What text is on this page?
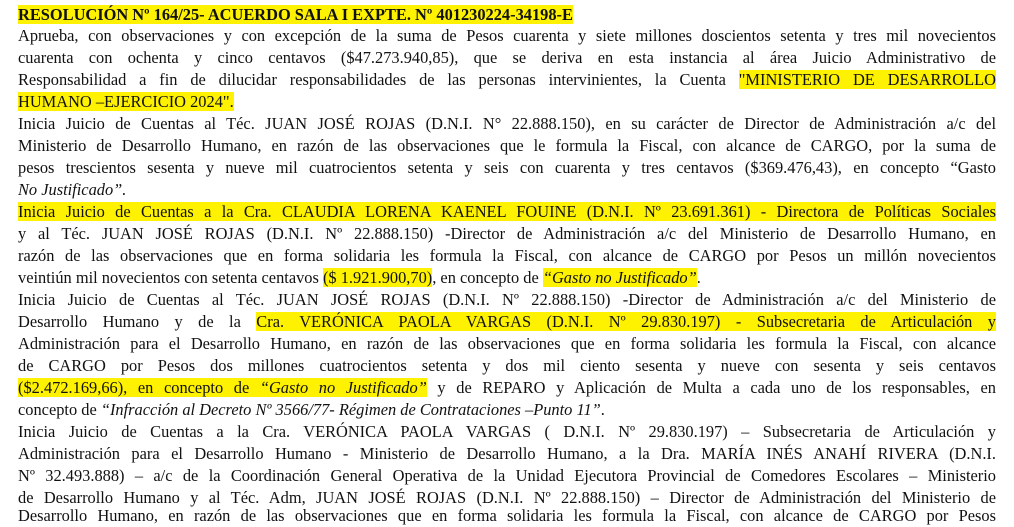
RESOLUCIÓN Nº 164/25- ACUERDO SALA I EXPTE. Nº 401230224-34198-E
Aprueba, con observaciones y con excepción de la suma de Pesos cuarenta y siete millones doscientos setenta y tres mil novecientos
cuarenta con ochenta y cinco centavos ($47.273.940,85), que se deriva en esta instancia al área Juicio Administrativo de
Responsabilidad a fin de dilucidar responsabilidades de las personas intervinientes, la Cuenta "MINISTERIO DE DESARROLLO
HUMANO –EJERCICIO 2024".
Inicia Juicio de Cuentas al Téc. JUAN JOSÉ ROJAS (D.N.I. N° 22.888.150), en su carácter de Director de Administración a/c del
Ministerio de Desarrollo Humano, en razón de las observaciones que le formula la Fiscal, con alcance de CARGO, por la suma de
pesos trescientos sesenta y nueve mil cuatrocientos setenta y seis con cuarenta y tres centavos ($369.476,43), en concepto “Gasto
No Justificado”.
Inicia Juicio de Cuentas a la Cra. CLAUDIA LORENA KAENEL FOUINE (D.N.I. Nº 23.691.361) - Directora de Políticas Sociales
y al Téc. JUAN JOSÉ ROJAS (D.N.I. Nº 22.888.150) -Director de Administración a/c del Ministerio de Desarrollo Humano, en
razón de las observaciones que en forma solidaria les formula la Fiscal, con alcance de CARGO por Pesos un millón novecientos
veintiún mil novecientos con setenta centavos ($ 1.921.900,70), en concepto de “Gasto no Justificado”.
Inicia Juicio de Cuentas al Téc. JUAN JOSÉ ROJAS (D.N.I. Nº 22.888.150) -Director de Administración a/c del Ministerio de
Desarrollo Humano y de la Cra. VERÓNICA PAOLA VARGAS (D.N.I. Nº 29.830.197) - Subsecretaria de Articulación y
Administración para el Desarrollo Humano, en razón de las observaciones que en forma solidaria les formula la Fiscal, con alcance
de CARGO por Pesos dos millones cuatrocientos setenta y dos mil ciento sesenta y nueve con sesenta y seis centavos
($2.472.169,66), en concepto de “Gasto no Justificado” y de REPARO y Aplicación de Multa a cada uno de los responsables, en
concepto de “Infracción al Decreto Nº 3566/77- Régimen de Contrataciones –Punto 11”.
Inicia Juicio de Cuentas a la Cra. VERÓNICA PAOLA VARGAS ( D.N.I. Nº 29.830.197) – Subsecretaria de Articulación y
Administración para el Desarrollo Humano - Ministerio de Desarrollo Humano, a la Dra. MARÍA INÉS ANAHÍ RIVERA (D.N.I.
Nº 32.493.888) – a/c de la Coordinación General Operativa de la Unidad Ejecutora Provincial de Comedores Escolares – Ministerio
de Desarrollo Humano y al Téc. Adm, JUAN JOSÉ ROJAS (D.N.I. Nº 22.888.150) – Director de Administración del Ministerio de
Desarrollo Humano, en razón de las observaciones que en forma solidaria les formula la Fiscal, con alcance de CARGO por Pesos
